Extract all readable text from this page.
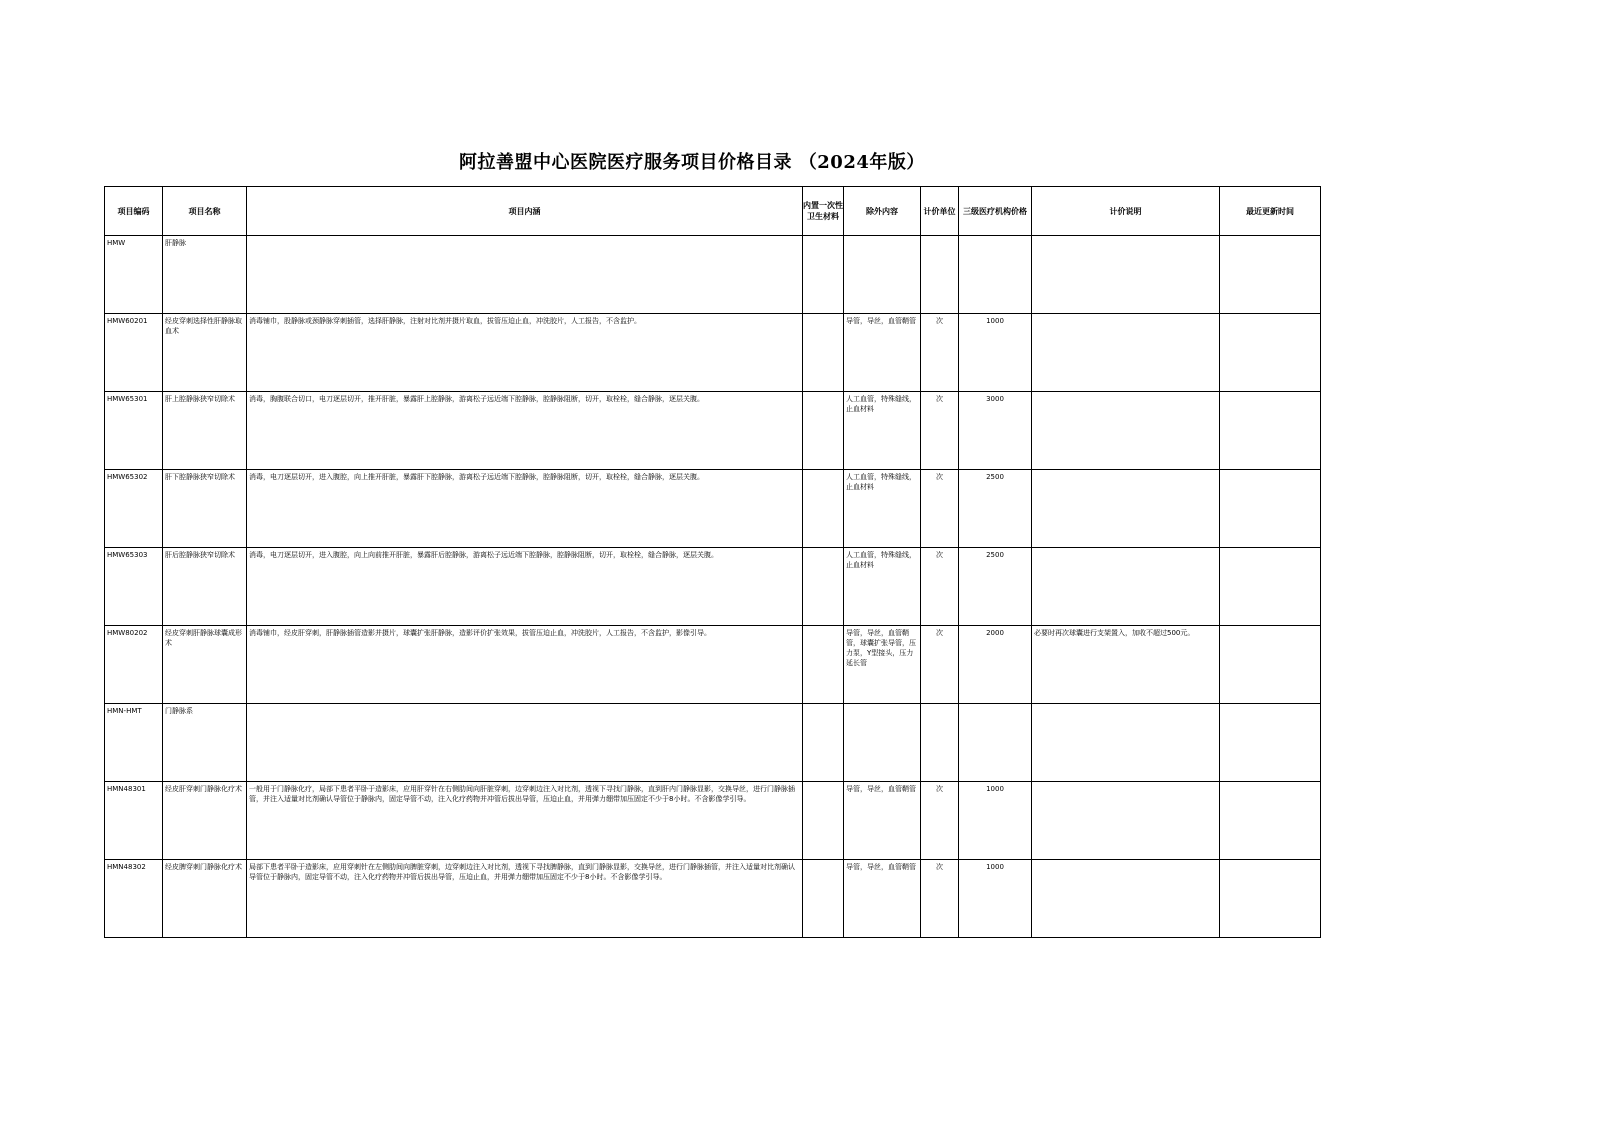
阿拉善盟中心医院医疗服务项目价格目录 （2024年版）
项目编码	项目名称	项目内涵	内置一次性卫生材料	除外内容	计价单位	三级医疗机构价格	计价说明	最近更新时间

HMW	肝静脉							

HMW60201	经皮穿刺选择性肝静脉取血术	消毒铺巾，股静脉或颈静脉穿刺插管，选择肝静脉，注射对比剂并摄片取血，拔管压迫止血，冲洗胶片，人工报告，不含监护。		导管，导丝，血管鞘管	次	1000		

HMW65301	肝上腔静脉狭窄切除术	消毒，胸腹联合切口，电刀逐层切开，推开肝脏，暴露肝上腔静脉，游离松子远近端下腔静脉，腔静脉阻断，切开，取栓栓，缝合静脉，逐层关腹。		人工血管，特殊缝线，止血材料	次	3000		

HMW65302	肝下腔静脉狭窄切除术	消毒，电刀逐层切开，进入腹腔，向上推开肝脏，暴露肝下腔静脉，游离松子远近端下腔静脉，腔静脉阻断，切开，取栓栓，缝合静脉，逐层关腹。		人工血管，特殊缝线，止血材料	次	2500		

HMW65303	肝后腔静脉狭窄切除术	消毒，电刀逐层切开，进入腹腔，向上向前推开肝脏，暴露肝后腔静脉，游离松子远近端下腔静脉，腔静脉阻断，切开，取栓栓，缝合静脉，逐层关腹。		人工血管，特殊缝线，止血材料	次	2500		

HMW80202	经皮穿刺肝静脉球囊成形术	消毒铺巾，经皮肝穿刺，肝静脉插管造影并摄片，球囊扩张肝静脉，造影评价扩张效果，拔管压迫止血，冲洗胶片，人工报告，不含监护，影像引导。		导管，导丝，血管鞘管，球囊扩张导管，压力泵，Y型接头，压力延长管	次	2000	必要时再次球囊进行支架置入，加收不超过500元。	

HMN-HMT	门静脉系							

HMN48301	经皮肝穿刺门静脉化疗术	一般用于门静脉化疗，局部下患者平卧于造影床，应用肝穿针在右侧肋间向肝脏穿刺，边穿刺边注入对比剂，透视下寻找门静脉，直到肝内门静脉显影，交换导丝，进行门静脉插管，并注入适量对比剂确认导管位于静脉内，固定导管不动，注入化疗药物并冲管后拔出导管，压迫止血，并用弹力绷带加压固定不少于8小时。不含影像学引导。		导管，导丝，血管鞘管	次	1000		

HMN48302	经皮脾穿刺门静脉化疗术	局部下患者平卧于造影床，应用穿刺针在左侧肋间向脾脏穿刺，边穿刺边注入对比剂，透视下寻找脾静脉，直到门静脉显影，交换导丝，进行门静脉插管，并注入适量对比剂确认导管位于静脉内，固定导管不动，注入化疗药物并冲管后拔出导管，压迫止血，并用弹力绷带加压固定不少于8小时。不含影像学引导。		导管，导丝，血管鞘管	次	1000		
